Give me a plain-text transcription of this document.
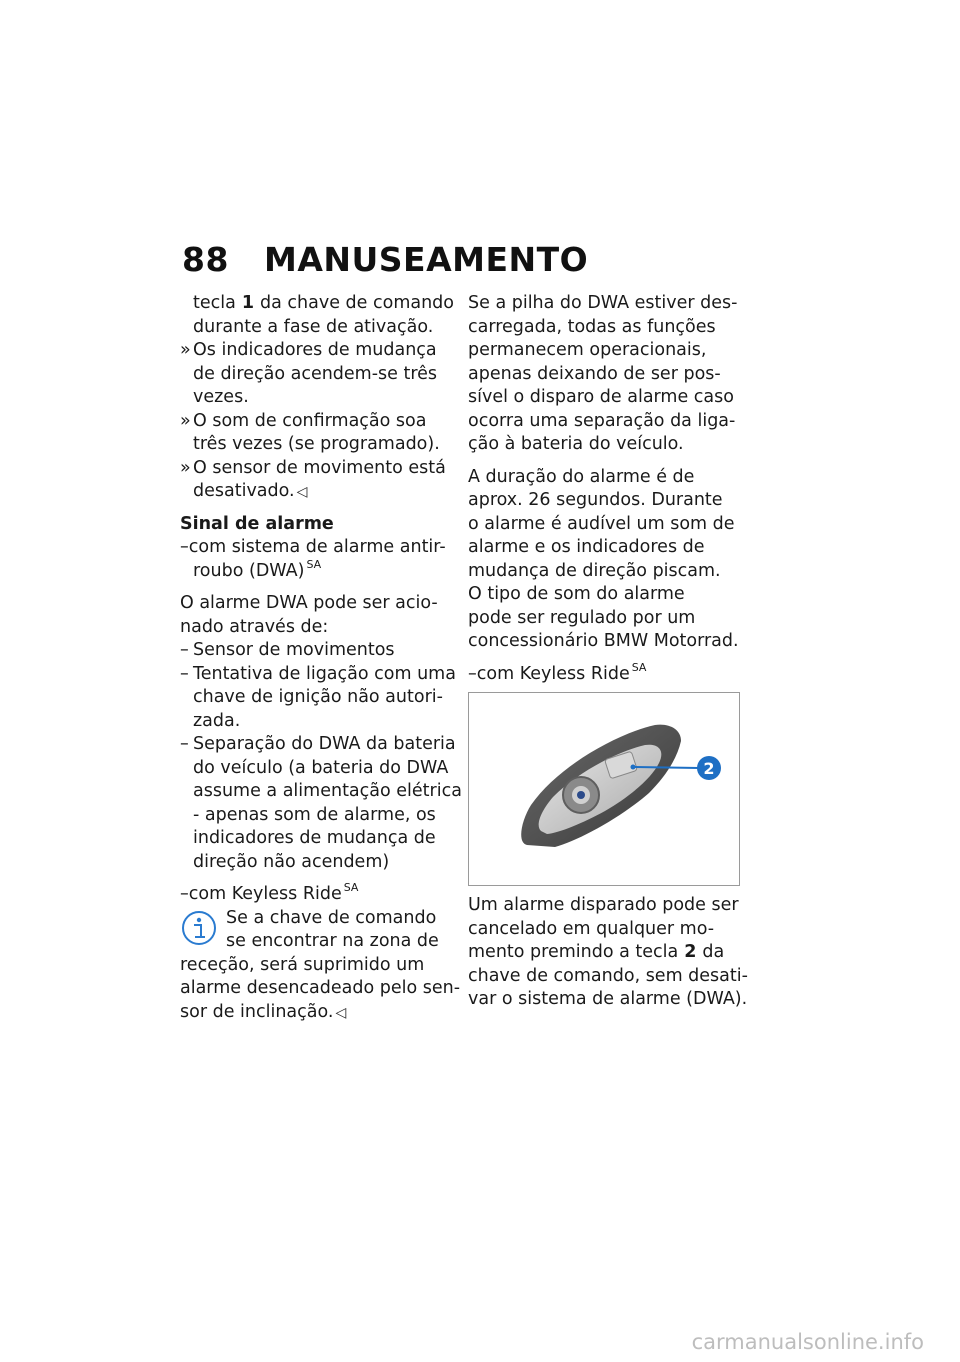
88 MANUSEAMENTO
tecla 1 da chave de comando
durante a fase de ativação.
» Os indicadores de mudança
de direção acendem-se três
vezes.
» O som de confirmação soa
três vezes (se programado).
» O sensor de movimento está
desativado. ◁
Sinal de alarme
–com sistema de alarme antir-
roubo (DWA) $^{SA}$
O alarme DWA pode ser acio-
nado através de:
– Sensor de movimentos
– Tentativa de ligação com uma
chave de ignição não autori-
zada.
– Separação do DWA da bateria
do veículo (a bateria do DWA
assume a alimentação elétrica
- apenas som de alarme, os
indicadores de mudança de
direção não acendem)
–com Keyless Ride $^{SA}$
Se a chave de comando
se encontrar na zona de
receção, será suprimido um
alarme desencadeado pelo sen-
sor de inclinação. ◁
Se a pilha do DWA estiver des-
carregada, todas as funções
permanecem operacionais,
apenas deixando de ser pos-
sível o disparo de alarme caso
ocorra uma separação da liga-
ção à bateria do veículo.
A duração do alarme é de
aprox. 26 segundos. Durante
o alarme é audível um som de
alarme e os indicadores de
mudança de direção piscam.
O tipo de som do alarme
pode ser regulado por um
concessionário BMW Motorrad.
–com Keyless Ride $^{SA}$
2
Um alarme disparado pode ser
cancelado em qualquer mo-
mento premindo a tecla 2 da
chave de comando, sem desati-
var o sistema de alarme (DWA).
carmanualsonline.info
